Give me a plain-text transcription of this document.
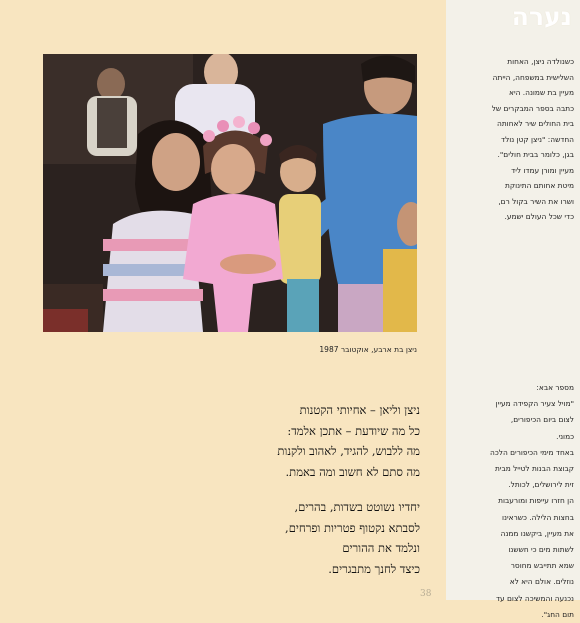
נערה
כשנולדה ניצן, האחות
השלישית במשפחה, הייתה
מעיין בת שמונה. היא
כתבה בספר המבקרים של
בית החולים שיר לאחותה
החדשה: "ניצן קטן נולד
בגן, כלומר בבית חולים".
מעיין ומורן עמדו ליד
מיטת אחותם התינוקת
ושרו את השיר בקול רם,
כדי שכל העולם ישמע.
מספר אבא:
"מויל צעיר הקפידה מעיין
לצום ביום הכיפורים,
כמוני.
באחד מימי הכיפורים הלכה
קבוצת הבנות לטייל מבית
זית לירושלים, לכותל.
הן חזרו עייפות ומורעבות
בחצות הלילה. כשראינו
את מעיין, ביקשנו ממנה
לשתות מים כי חששנו
שמא תתייבש מחוסר
נוזלים. אולם היא לא
נכנעה והמשיכה לצום עד
תום החג".
ניצן בת ארבע, אוקטובר 1987
ניצן וליאן – אחיותי הקטנות
כל מה שיודעת – אתכן אלמד:
מה ללבוש, להגיד, לאהוב ולקנות
מה סתם לא חשוב ומה באמת.
יחדיו נשוטט בשדות, בהרים,
לסבתא נקטוף פטריות ופרחים,
ונלמד את ההורים
כיצד לחנך מתבגרים.
38
